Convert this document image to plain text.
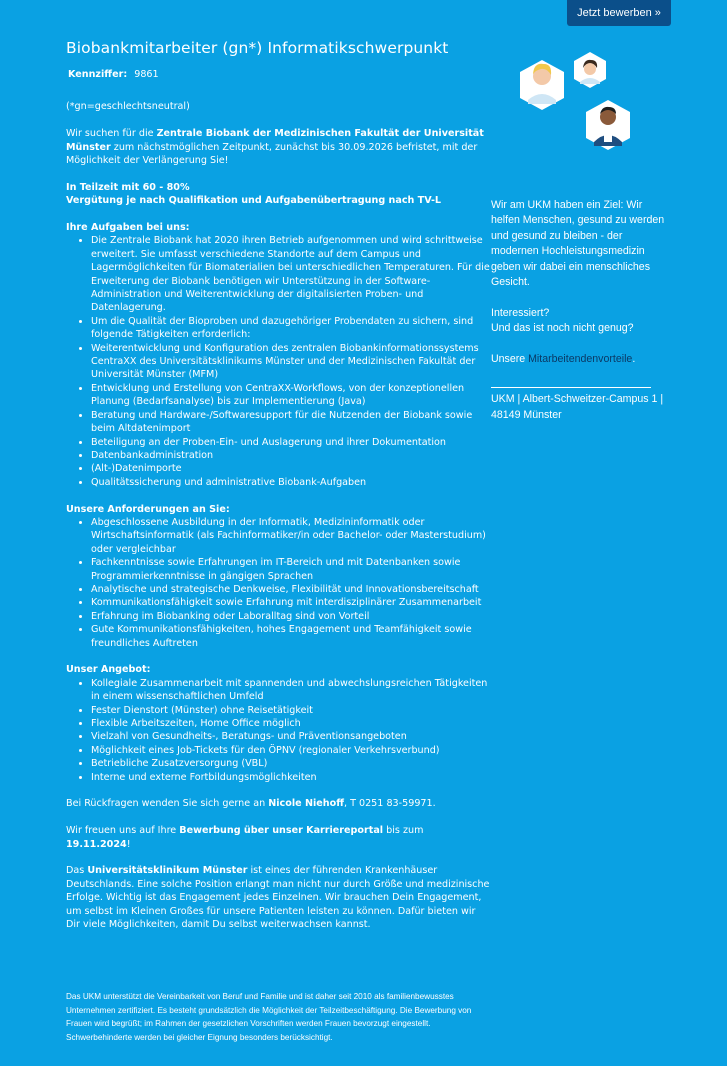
Jetzt bewerben »
Biobankmitarbeiter (gn*) Informatikschwerpunkt
Kennziffer: 9861

(*gn=geschlechtsneutral)

Wir suchen für die Zentrale Biobank der Medizinischen Fakultät der Universität Münster zum nächstmöglichen Zeitpunkt, zunächst bis 30.09.2026 befristet, mit der Möglichkeit der Verlängerung Sie!

In Teilzeit mit 60 - 80%
Vergütung je nach Qualifikation und Aufgabenübertragung nach TV-L

Ihre Aufgaben bei uns:
• Die Zentrale Biobank hat 2020 ihren Betrieb aufgenommen und wird schrittweise erweitert. Sie umfasst verschiedene Standorte auf dem Campus und Lagermöglichkeiten für Biomaterialien bei unterschiedlichen Temperaturen. Für die Erweiterung der Biobank benötigen wir Unterstützung in der Software-Administration und Weiterentwicklung der digitalisierten Proben- und Datenlagerung.
• Um die Qualität der Bioproben und dazugehöriger Probendaten zu sichern, sind folgende Tätigkeiten erforderlich:
• Weiterentwicklung und Konfiguration des zentralen Biobankinformationssystems CentraXX des Universitätsklinikums Münster und der Medizinischen Fakultät der Universität Münster (MFM)
• Entwicklung und Erstellung von CentraXX-Workflows, von der konzeptionellen Planung (Bedarfsanalyse) bis zur Implementierung (Java)
• Beratung und Hardware-/Softwaresupport für die Nutzenden der Biobank sowie beim Altdatenimport
• Beteiligung an der Proben-Ein- und Auslagerung und ihrer Dokumentation
• Datenbankadministration
• (Alt-)Datenimporte
• Qualitätssicherung und administrative Biobank-Aufgaben
Unsere Anforderungen an Sie:
• Abgeschlossene Ausbildung in der Informatik, Medizininformatik oder Wirtschaftsinformatik (als Fachinformatiker/in oder Bachelor- oder Masterstudium) oder vergleichbar
• Fachkenntnisse sowie Erfahrungen im IT-Bereich und mit Datenbanken sowie Programmierkenntnisse in gängigen Sprachen
• Analytische und strategische Denkweise, Flexibilität und Innovationsbereitschaft
• Kommunikationsfähigkeit sowie Erfahrung mit interdisziplinärer Zusammenarbeit
• Erfahrung im Biobanking oder Laboralltag sind von Vorteil
• Gute Kommunikationsfähigkeiten, hohes Engagement und Teamfähigkeit sowie freundliches Auftreten
Unser Angebot:
• Kollegiale Zusammenarbeit mit spannenden und abwechslungsreichen Tätigkeiten in einem wissenschaftlichen Umfeld
• Fester Dienstort (Münster) ohne Reisetätigkeit
• Flexible Arbeitszeiten, Home Office möglich
• Vielzahl von Gesundheits-, Beratungs- und Präventionsangeboten
• Möglichkeit eines Job-Tickets für den ÖPNV (regionaler Verkehrsverbund)
• Betriebliche Zusatzversorgung (VBL)
• Interne und externe Fortbildungsmöglichkeiten

Bei Rückfragen wenden Sie sich gerne an Nicole Niehoff, T 0251 83-59971.

Wir freuen uns auf Ihre Bewerbung über unser Karriereportal bis zum 19.11.2024!

Das Universitätsklinikum Münster ist eines der führenden Krankenhäuser Deutschlands. Eine solche Position erlangt man nicht nur durch Größe und medizinische Erfolge. Wichtig ist das Engagement jedes Einzelnen. Wir brauchen Dein Engagement, um selbst im Kleinen Großes für unsere Patienten leisten zu können. Dafür bieten wir Dir viele Möglichkeiten, damit Du selbst weiterwachsen kannst.

Das UKM unterstützt die Vereinbarkeit von Beruf und Familie und ist daher seit 2010 als familienbewusstes Unternehmen zertifiziert. Es besteht grundsätzlich die Möglichkeit der Teilzeitbeschäftigung. Die Bewerbung von Frauen wird begrüßt; im Rahmen der gesetzlichen Vorschriften werden Frauen bevorzugt eingestellt. Schwerbehinderte werden bei gleicher Eignung besonders berücksichtigt.

Wir am UKM haben ein Ziel: Wir helfen Menschen, gesund zu werden und gesund zu bleiben - der modernen Hochleistungsmedizin geben wir dabei ein menschliches Gesicht.

Interessiert?

Und das ist noch nicht genug?

Unsere Mitarbeitendenvorteile.

UKM | Albert-Schweitzer-Campus 1 | 48149 Münster
